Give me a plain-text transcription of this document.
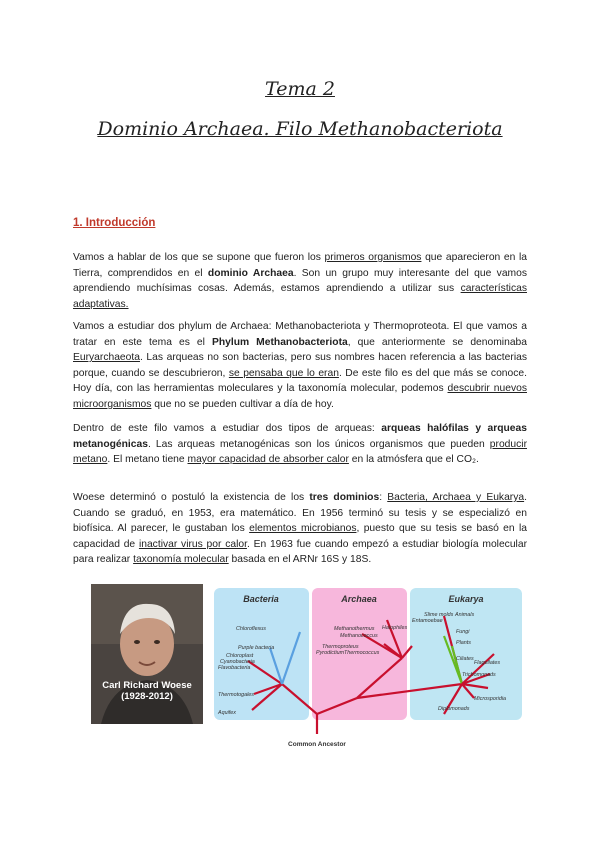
Tema 2
Dominio Archaea. Filo Methanobacteriota
1. Introducción
Vamos a hablar de los que se supone que fueron los primeros organismos que aparecieron en la Tierra, comprendidos en el dominio Archaea. Son un grupo muy interesante del que vamos aprendiendo muchísimas cosas. Además, estamos aprendiendo a utilizar sus características adaptativas.
Vamos a estudiar dos phylum de Archaea: Methanobacteriota y Thermoproteota. El que vamos a tratar en este tema es el Phylum Methanobacteriota, que anteriormente se denominaba Euryarchaeota. Las arqueas no son bacterias, pero sus nombres hacen referencia a las bacterias porque, cuando se descubrieron, se pensaba que lo eran. De este filo es del que más se conoce. Hoy día, con las herramientas moleculares y la taxonomía molecular, podemos descubrir nuevos microorganismos que no se pueden cultivar a día de hoy.
Dentro de este filo vamos a estudiar dos tipos de arqueas: arqueas halófilas y arqueas metanogénicas. Las arqueas metanogénicas son los únicos organismos que pueden producir metano. El metano tiene mayor capacidad de absorber calor en la atmósfera que el CO₂.
Woese determinó o postuló la existencia de los tres dominios: Bacteria, Archaea y Eukarya. Cuando se graduó, en 1953, era matemático. En 1956 terminó su tesis y se especializó en biofísica. Al parecer, le gustaban los elementos microbianos, puesto que su tesis se basó en la capacidad de inactivar virus por calor. En 1963 fue cuando empezó a estudiar biología molecular para realizar taxonomía molecular basada en el ARNr 16S y 18S.
Carl Richard Woese
(1928-2012)
Bacteria	Archaea	Eukarya
Chloroflexus
Purple bacteria
Chloroplast
Cyanobacteria
Flavobacteria
Thermotogales
Aquifex
Methanothermus
Methanococcus
Thermoproteus
Pyrodictium Thermococcus
Halophiles
Entamoebae
Slime molds Animals
Fungi
Plants
Ciliates
Flagellates
Trichomonads
Microsporidia
Diplomonads
Common Ancestor
